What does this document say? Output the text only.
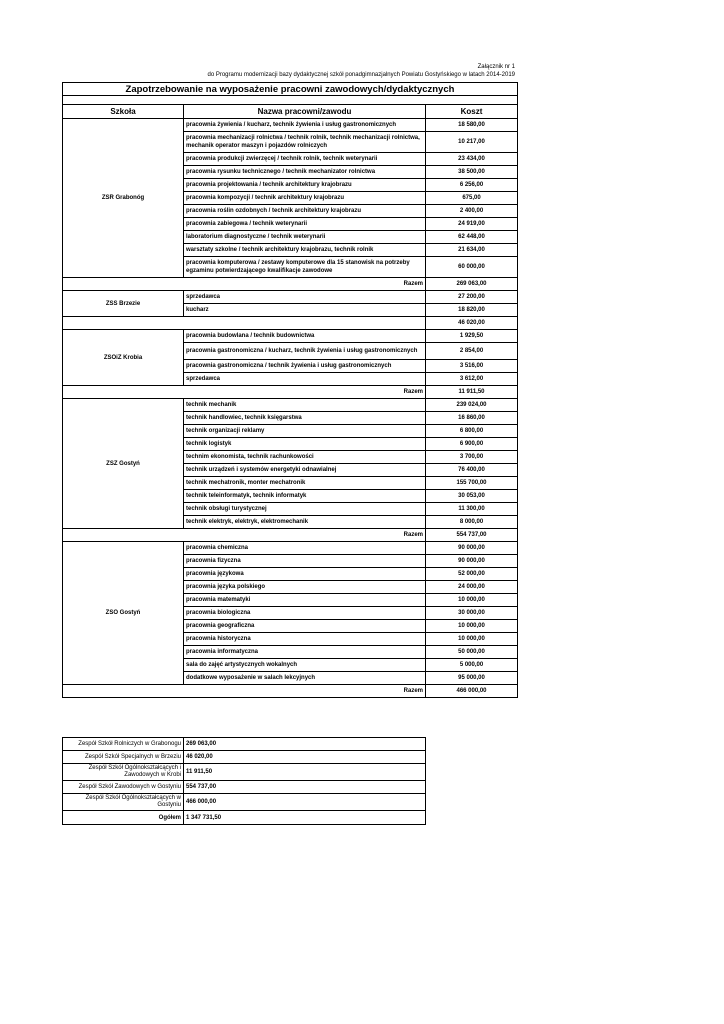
Załącznik nr 1
do Programu modernizacji bazy dydaktycznej szkół ponadgimnazjalnych Powiatu Gostyńskiego w latach 2014-2019
Zapotrzebowanie na wyposażenie pracowni zawodowych/dydaktycznych		

Szkoła	Nazwa pracowni/zawodu	Koszt
ZSR Grabonóg	pracownia żywienia / kucharz, technik żywienia i usług gastronomicznych	18 580,00
	pracownia mechanizacji rolnictwa / technik rolnik, technik mechanizacji rolnictwa, mechanik operator maszyn i pojazdów rolniczych	10 217,00
	pracownia produkcji zwierzęcej / technik rolnik, technik weterynarii	23 434,00
	pracownia rysunku technicznego / technik mechanizator rolnictwa	38 500,00
	pracownia projektowania / technik architektury krajobrazu	6 256,00
	pracownia kompozycji / technik architektury krajobrazu	675,00
	pracownia roślin ozdobnych / technik architektury krajobrazu	2 400,00
	pracownia zabiegowa / technik weterynarii	24 919,00
	laboratorium diagnostyczne / technik weterynarii	62 448,00
	warsztaty szkolne / technik architektury krajobrazu, technik rolnik	21 634,00
	pracownia komputerowa / zestawy komputerowe dla 15 stanowisk na potrzeby egzaminu potwierdzającego kwalifikacje zawodowe	60 000,00
Razem		269 063,00
ZSS Brzezie	sprzedawca	27 200,00
	kucharz	18 820,00
		46 020,00
ZSOiZ Krobia	pracownia budowlana / technik budownictwa	1 929,50
	pracownia gastronomiczna / kucharz, technik żywienia i usług gastronomicznych	2 854,00
	pracownia gastronomiczna / technik żywienia i usług gastronomicznych	3 516,00
	sprzedawca	3 612,00
Razem		11 911,50
ZSZ Gostyń	technik mechanik	239 024,00
	technik handlowiec, technik księgarstwa	16 860,00
	technik organizacji reklamy	6 800,00
	technik logistyk	6 900,00
	technim ekonomista, technik rachunkowości	3 700,00
	technik urządzeń i systemów energetyki odnawialnej	76 400,00
	technik mechatronik, monter mechatronik	155 700,00
	technik teleinformatyk, technik informatyk	30 053,00
	technik obsługi turystycznej	11 300,00
	technik elektryk, elektryk, elektromechanik	8 000,00
Razem		554 737,00
ZSO Gostyń	pracownia chemiczna	90 000,00
	pracownia fizyczna	90 000,00
	pracownia językowa	52 000,00
	pracownia języka polskiego	24 000,00
	pracownia matematyki	10 000,00
	pracownia biologiczna	30 000,00
	pracownia geograficzna	10 000,00
	pracownia historyczna	10 000,00
	pracownia informatyczna	50 000,00
	sala do zajęć artystycznych wokalnych	5 000,00
	dodatkowe wyposażenie w salach lekcyjnych	95 000,00
Razem		466 000,00
Zespół Szkół Rolniczych w Grabonogu	269 063,00
Zespół Szkół Specjalnych w Brzeziu	46 020,00
Zespół Szkół Ogólnokształcących i Zawodowych w Krobi	11 911,50
Zespół Szkół Zawodowych w Gostyniu	554 737,00
Zespół Szkół Ogólnokształcących w Gostyniu	466 000,00
Ogółem	1 347 731,50
